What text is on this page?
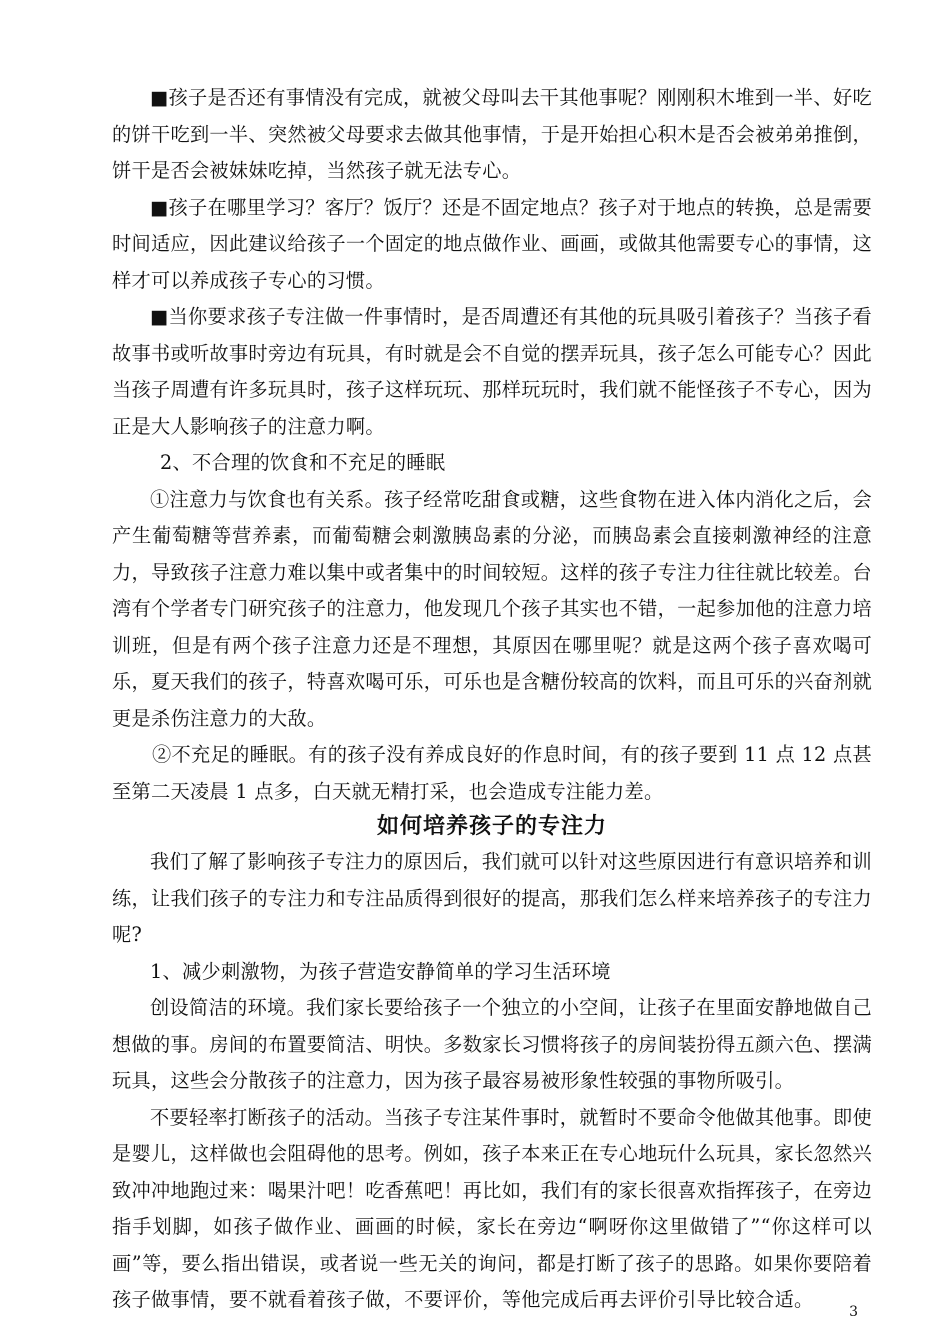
■孩子是否还有事情没有完成，就被父母叫去干其他事呢？刚刚积木堆到一半、好吃的饼干吃到一半、突然被父母要求去做其他事情，于是开始担心积木是否会被弟弟推倒，饼干是否会被妹妹吃掉，当然孩子就无法专心。

■孩子在哪里学习？客厅？饭厅？还是不固定地点？孩子对于地点的转换，总是需要时间适应，因此建议给孩子一个固定的地点做作业、画画，或做其他需要专心的事情，这样才可以养成孩子专心的习惯。

■当你要求孩子专注做一件事情时，是否周遭还有其他的玩具吸引着孩子？当孩子看故事书或听故事时旁边有玩具，有时就是会不自觉的摆弄玩具，孩子怎么可能专心？因此当孩子周遭有许多玩具时，孩子这样玩玩、那样玩玩时，我们就不能怪孩子不专心，因为正是大人影响孩子的注意力啊。

2、不合理的饮食和不充足的睡眠

①注意力与饮食也有关系。孩子经常吃甜食或糖，这些食物在进入体内消化之后，会产生葡萄糖等营养素，而葡萄糖会刺激胰岛素的分泌，而胰岛素会直接刺激神经的注意力，导致孩子注意力难以集中或者集中的时间较短。这样的孩子专注力往往就比较差。台湾有个学者专门研究孩子的注意力，他发现几个孩子其实也不错，一起参加他的注意力培训班，但是有两个孩子注意力还是不理想，其原因在哪里呢？就是这两个孩子喜欢喝可乐，夏天我们的孩子，特喜欢喝可乐，可乐也是含糖份较高的饮料，而且可乐的兴奋剂就更是杀伤注意力的大敌。

②不充足的睡眠。有的孩子没有养成良好的作息时间，有的孩子要到 11 点 12 点甚至第二天凌晨 1 点多，白天就无精打采，也会造成专注能力差。

如何培养孩子的专注力

我们了解了影响孩子专注力的原因后，我们就可以针对这些原因进行有意识培养和训练，让我们孩子的专注力和专注品质得到很好的提高，那我们怎么样来培养孩子的专注力呢?

1、减少刺激物，为孩子营造安静简单的学习生活环境

创设简洁的环境。我们家长要给孩子一个独立的小空间，让孩子在里面安静地做自己想做的事。房间的布置要简洁、明快。多数家长习惯将孩子的房间装扮得五颜六色、摆满玩具，这些会分散孩子的注意力，因为孩子最容易被形象性较强的事物所吸引。

不要轻率打断孩子的活动。当孩子专注某件事时，就暂时不要命令他做其他事。即使是婴儿，这样做也会阻碍他的思考。例如，孩子本来正在专心地玩什么玩具，家长忽然兴致冲冲地跑过来：喝果汁吧！吃香蕉吧！再比如，我们有的家长很喜欢指挥孩子，在旁边指手划脚，如孩子做作业、画画的时候，家长在旁边“啊呀你这里做错了”“你这样可以画”等，要么指出错误，或者说一些无关的询问，都是打断了孩子的思路。如果你要陪着孩子做事情，要不就看着孩子做，不要评价，等他完成后再去评价引导比较合适。

3
